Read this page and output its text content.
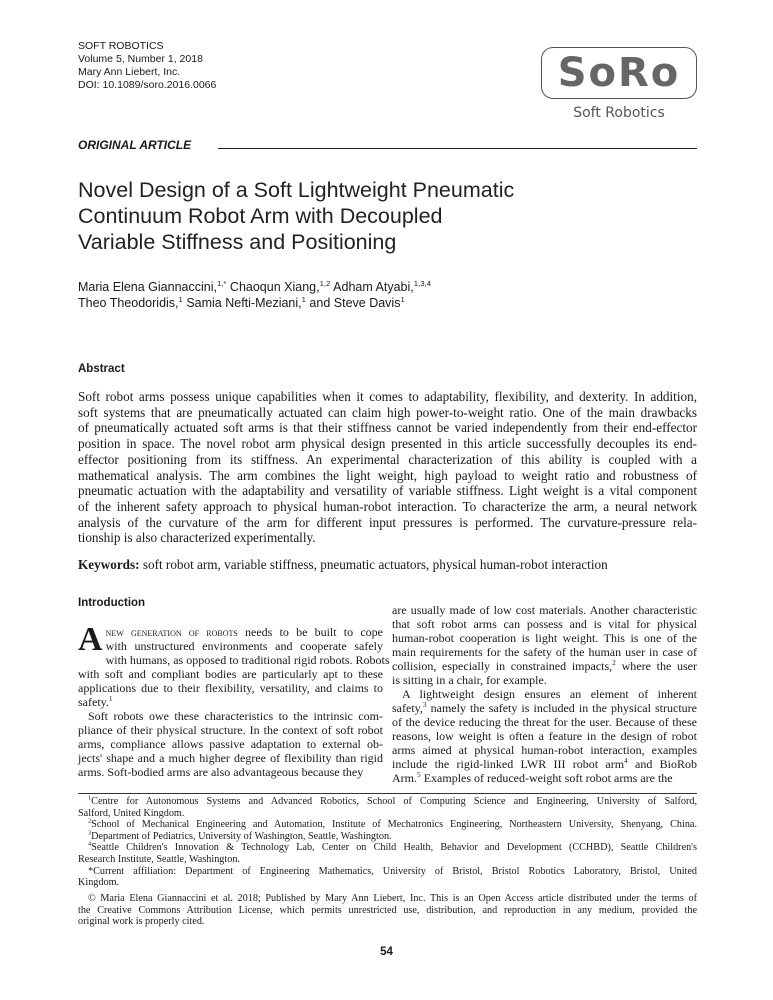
SOFT ROBOTICS
Volume 5, Number 1, 2018
Mary Ann Liebert, Inc.
DOI: 10.1089/soro.2016.0066	SoRo
Soft Robotics
ORIGINAL ARTICLE
Novel Design of a Soft Lightweight Pneumatic
Continuum Robot Arm with Decoupled
Variable Stiffness and Positioning
Maria Elena Giannaccini,$^{1,*}$ Chaoqun Xiang,$^{1,2}$ Adham Atyabi,$^{1,3,4}$
Theo Theodoridis,$^1$ Samia Nefti-Meziani,$^1$ and Steve Davis$^1$
Abstract
Soft robot arms possess unique capabilities when it comes to adaptability, flexibility, and dexterity. In addition,
soft systems that are pneumatically actuated can claim high power-to-weight ratio. One of the main drawbacks
of pneumatically actuated soft arms is that their stiffness cannot be varied independently from their end-effector
position in space. The novel robot arm physical design presented in this article successfully decouples its end-
effector positioning from its stiffness. An experimental characterization of this ability is coupled with a
mathematical analysis. The arm combines the light weight, high payload to weight ratio and robustness of
pneumatic actuation with the adaptability and versatility of variable stiffness. Light weight is a vital component
of the inherent safety approach to physical human-robot interaction. To characterize the arm, a neural network
analysis of the curvature of the arm for different input pressures is performed. The curvature-pressure rela-
tionship is also characterized experimentally.
Keywords: soft robot arm, variable stiffness, pneumatic actuators, physical human-robot interaction
Introduction
A new generation of robots needs to be built to cope
with unstructured environments and cooperate safely
with humans, as opposed to traditional rigid robots. Robots
with soft and compliant bodies are particularly apt to these
applications due to their flexibility, versatility, and claims to
safety.$^1$
Soft robots owe these characteristics to the intrinsic com-
pliance of their physical structure. In the context of soft robot
arms, compliance allows passive adaptation to external ob-
jects' shape and a much higher degree of flexibility than rigid
arms. Soft-bodied arms are also advantageous because they
are usually made of low cost materials. Another characteristic
that soft robot arms can possess and is vital for physical
human-robot cooperation is light weight. This is one of the
main requirements for the safety of the human user in case of
collision, especially in constrained impacts,$^2$ where the user
is sitting in a chair, for example.
A lightweight design ensures an element of inherent
safety,$^3$ namely the safety is included in the physical structure
of the device reducing the threat for the user. Because of these
reasons, low weight is often a feature in the design of robot
arms aimed at physical human-robot interaction, examples
include the rigid-linked LWR III robot arm$^4$ and BioRob
Arm.$^5$ Examples of reduced-weight soft robot arms are the
$^1$Centre for Autonomous Systems and Advanced Robotics, School of Computing Science and Engineering, University of Salford,
Salford, United Kingdom.
$^2$School of Mechanical Engineering and Automation, Institute of Mechatronics Engineering, Northeastern University, Shenyang, China.
$^3$Department of Pediatrics, University of Washington, Seattle, Washington.
$^4$Seattle Children's Innovation & Technology Lab, Center on Child Health, Behavior and Development (CCHBD), Seattle Children's
Research Institute, Seattle, Washington.
*Current affiliation: Department of Engineering Mathematics, University of Bristol, Bristol Robotics Laboratory, Bristol, United
Kingdom.
© Maria Elena Giannaccini et al. 2018; Published by Mary Ann Liebert, Inc. This is an Open Access article distributed under the terms of
the Creative Commons Attribution License, which permits unrestricted use, distribution, and reproduction in any medium, provided the
original work is properly cited.
54
